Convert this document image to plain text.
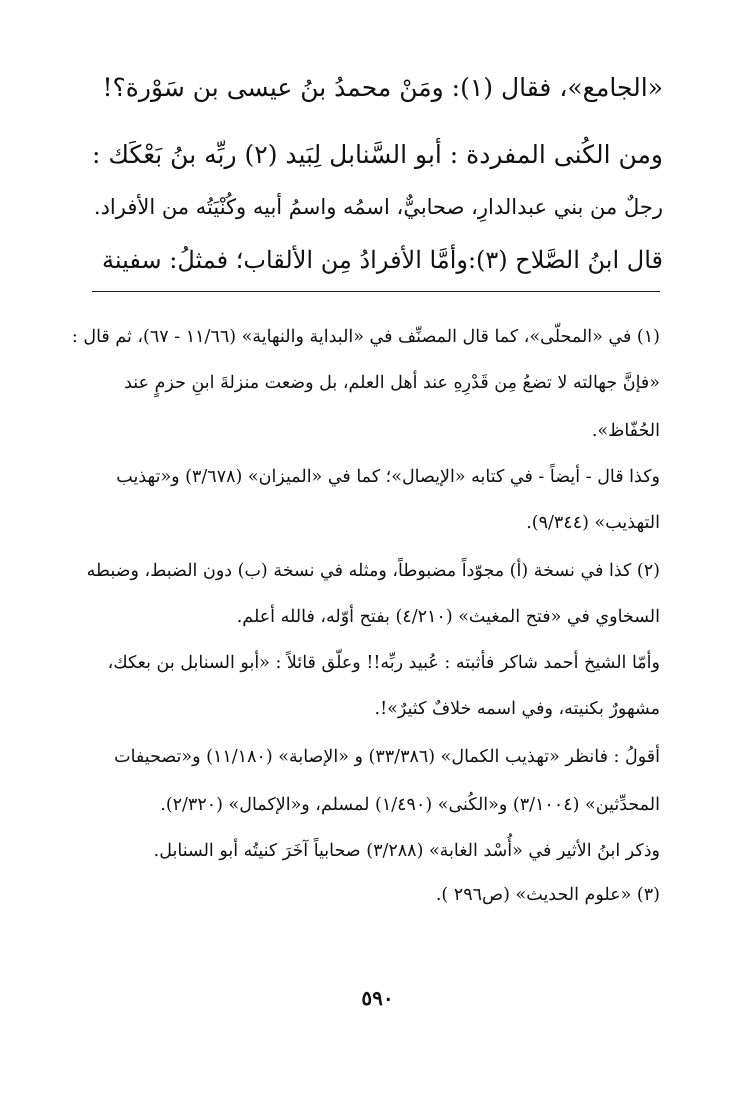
«الجامع»، فقال (١): ومَنْ محمدُ بنُ عيسى بن سَوْرة؟!
ومن الكُنى المفردة : أبو السَّنابل لِبَيد (٢) ربِّه بنُ بَعْكَك :
رجلٌ من بني عبدالدارِ، صحابيٌّ، اسمُه واسمُ أبيه وكُنْيَتُه من الأفراد.
قال ابنُ الصَّلاح (٣):وأمَّا الأفرادُ مِن الألقاب؛ فمثلُ: سفينة
(١) في «المحلّى»، كما قال المصنِّف في «البداية والنهاية» (١١/٦٦ - ٦٧)، ثم قال :
«فإنَّ جهالته لا تضعُ مِن قَدْرِهِ عند أهل العلم، بل وضعت منزلةَ ابنِ حزمٍ عند
الحُفّاظ».
وكذا قال - أيضاً - في كتابه «الإيصال»؛ كما في «الميزان» (٣/٦٧٨) و«تهذيب
التهذيب» (٩/٣٤٤).
(٢) كذا في نسخة (أ) مجوّداً مضبوطاً، ومثله في نسخة (ب) دون الضبط، وضبطه
السخاوي في «فتح المغيث» (٤/٢١٠) بفتح أوّله، فالله أعلم.
وأمّا الشيخ أحمد شاكر فأثبته : عُبيد ربِّه!! وعلّق قائلاً : «أبو السنابل بن بعكك،
مشهورٌ بكنيته، وفي اسمه خلافٌ كثيرٌ»!.
أقولُ : فانظر «تهذيب الكمال» (٣٣/٣٨٦) و «الإصابة» (١١/١٨٠) و«تصحيفات
المحدِّثين» (٣/١٠٠٤) و«الكُنى» (١/٤٩٠) لمسلم، و«الإكمال» (٢/٣٢٠).
وذكر ابنُ الأثير في «أُسْد الغابة» (٣/٢٨٨) صحابياً آخَرَ كنيتُه أبو السنابل.
(٣) «علوم الحديث» (ص٢٩٦ ).
٥٩٠
